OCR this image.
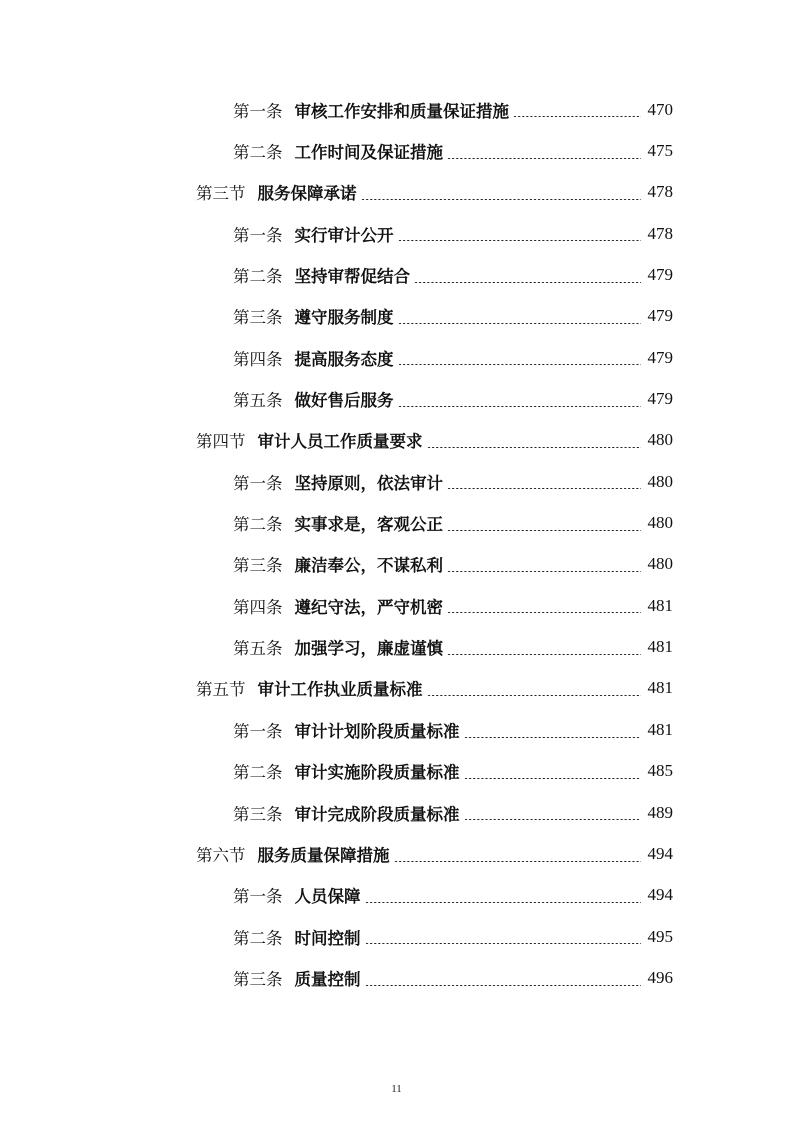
第一条 审核工作安排和质量保证措施	470
第二条 工作时间及保证措施	475
第三节 服务保障承诺	478
第一条 实行审计公开	478
第二条 坚持审帮促结合	479
第三条 遵守服务制度	479
第四条 提高服务态度	479
第五条 做好售后服务	479
第四节 审计人员工作质量要求	480
第一条 坚持原则，依法审计	480
第二条 实事求是，客观公正	480
第三条 廉洁奉公，不谋私利	480
第四条 遵纪守法，严守机密	481
第五条 加强学习，廉虚谨慎	481
第五节 审计工作执业质量标准	481
第一条 审计计划阶段质量标准	481
第二条 审计实施阶段质量标准	485
第三条 审计完成阶段质量标准	489
第六节 服务质量保障措施	494
第一条 人员保障	494
第二条 时间控制	495
第三条 质量控制	496
11
